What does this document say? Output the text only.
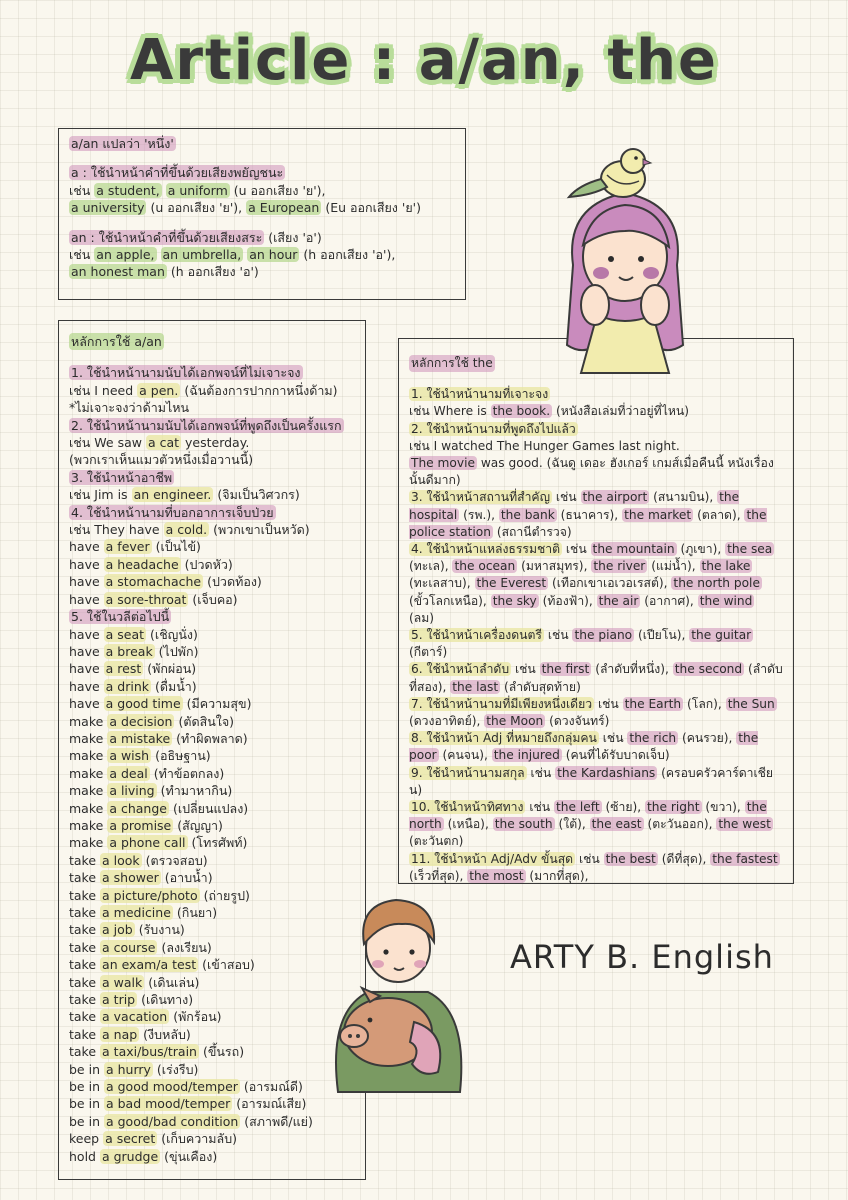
Article : a/an, the
a/an แปลว่า 'หนึ่ง'
a : ใช้นำหน้าคำที่ขึ้นด้วยเสียงพยัญชนะ
เช่น a student, a uniform (u ออกเสียง 'ย'),
a university (u ออกเสียง 'ย'), a European (Eu ออกเสียง 'ย')
an : ใช้นำหน้าคำที่ขึ้นด้วยเสียงสระ (เสียง 'อ')
เช่น an apple, an umbrella, an hour (h ออกเสียง 'อ'),
an honest man (h ออกเสียง 'อ')
หลักการใช้ a/an
1. ใช้นำหน้านามนับได้เอกพจน์ที่ไม่เจาะจง
เช่น I need a pen. (ฉันต้องการปากกาหนึ่งด้าม)
*ไม่เจาะจงว่าด้ามไหน
2. ใช้นำหน้านามนับได้เอกพจน์ที่พูดถึงเป็นครั้งแรก
เช่น We saw a cat yesterday.
(พวกเราเห็นแมวตัวหนึ่งเมื่อวานนี้)
3. ใช้นำหน้าอาชีพ
เช่น Jim is an engineer. (จิมเป็นวิศวกร)
4. ใช้นำหน้านามที่บอกอาการเจ็บป่วย
เช่น They have a cold. (พวกเขาเป็นหวัด)
have a fever (เป็นไข้)
have a headache (ปวดหัว)
have a stomachache (ปวดท้อง)
have a sore-throat (เจ็บคอ)
5. ใช้ในวลีต่อไปนี้
have a seat (เชิญนั่ง)
have a break (ไปพัก)
have a rest (พักผ่อน)
have a drink (ดื่มน้ำ)
have a good time (มีความสุข)
make a decision (ตัดสินใจ)
make a mistake (ทำผิดพลาด)
make a wish (อธิษฐาน)
make a deal (ทำข้อตกลง)
make a living (ทำมาหากิน)
make a change (เปลี่ยนแปลง)
make a promise (สัญญา)
make a phone call (โทรศัพท์)
take a look (ตรวจสอบ)
take a shower (อาบน้ำ)
take a picture/photo (ถ่ายรูป)
take a medicine (กินยา)
take a job (รับงาน)
take a course (ลงเรียน)
take an exam/a test (เข้าสอบ)
take a walk (เดินเล่น)
take a trip (เดินทาง)
take a vacation (พักร้อน)
take a nap (งีบหลับ)
take a taxi/bus/train (ขึ้นรถ)
be in a hurry (เร่งรีบ)
be in a good mood/temper (อารมณ์ดี)
be in a bad mood/temper (อารมณ์เสีย)
be in a good/bad condition (สภาพดี/แย่)
keep a secret (เก็บความลับ)
hold a grudge (ขุ่นเคือง)
หลักการใช้ the
1. ใช้นำหน้านามที่เจาะจง
เช่น Where is the book. (หนังสือเล่มที่ว่าอยู่ที่ไหน)
2. ใช้นำหน้านามที่พูดถึงไปแล้ว
เช่น I watched The Hunger Games last night.
The movie was good. (ฉันดู เดอะ ฮังเกอร์ เกมส์เมื่อคืนนี้ หนังเรื่องนั้นดีมาก)
3. ใช้นำหน้าสถานที่สำคัญ เช่น the airport (สนามบิน), the hospital (รพ.), the bank (ธนาคาร), the market (ตลาด), the police station (สถานีตำรวจ)
4. ใช้นำหน้าแหล่งธรรมชาติ เช่น the mountain (ภูเขา), the sea (ทะเล), the ocean (มหาสมุทร), the river (แม่น้ำ), the lake (ทะเลสาบ), the Everest (เทือกเขาเอเวอเรสต์), the north pole (ขั้วโลกเหนือ), the sky (ท้องฟ้า), the air (อากาศ), the wind (ลม)
5. ใช้นำหน้าเครื่องดนตรี เช่น the piano (เปียโน), the guitar (กีตาร์)
6. ใช้นำหน้าลำดับ เช่น the first (ลำดับที่หนึ่ง), the second (ลำดับที่สอง), the last (ลำดับสุดท้าย)
7. ใช้นำหน้านามที่มีเพียงหนึ่งเดียว เช่น the Earth (โลก), the Sun (ดวงอาทิตย์), the Moon (ดวงจันทร์)
8. ใช้นำหน้า Adj ที่หมายถึงกลุ่มคน เช่น the rich (คนรวย), the poor (คนจน), the injured (คนที่ได้รับบาดเจ็บ)
9. ใช้นำหน้านามสกุล เช่น the Kardashians (ครอบครัวคาร์ดาเชียน)
10. ใช้นำหน้าทิศทาง เช่น the left (ซ้าย), the right (ขวา), the north (เหนือ), the south (ใต้), the east (ตะวันออก), the west (ตะวันตก)
11. ใช้นำหน้า Adj/Adv ขั้นสุด เช่น the best (ดีที่สุด), the fastest (เร็วที่สุด), the most (มากที่สุด),
ARTY B. English
